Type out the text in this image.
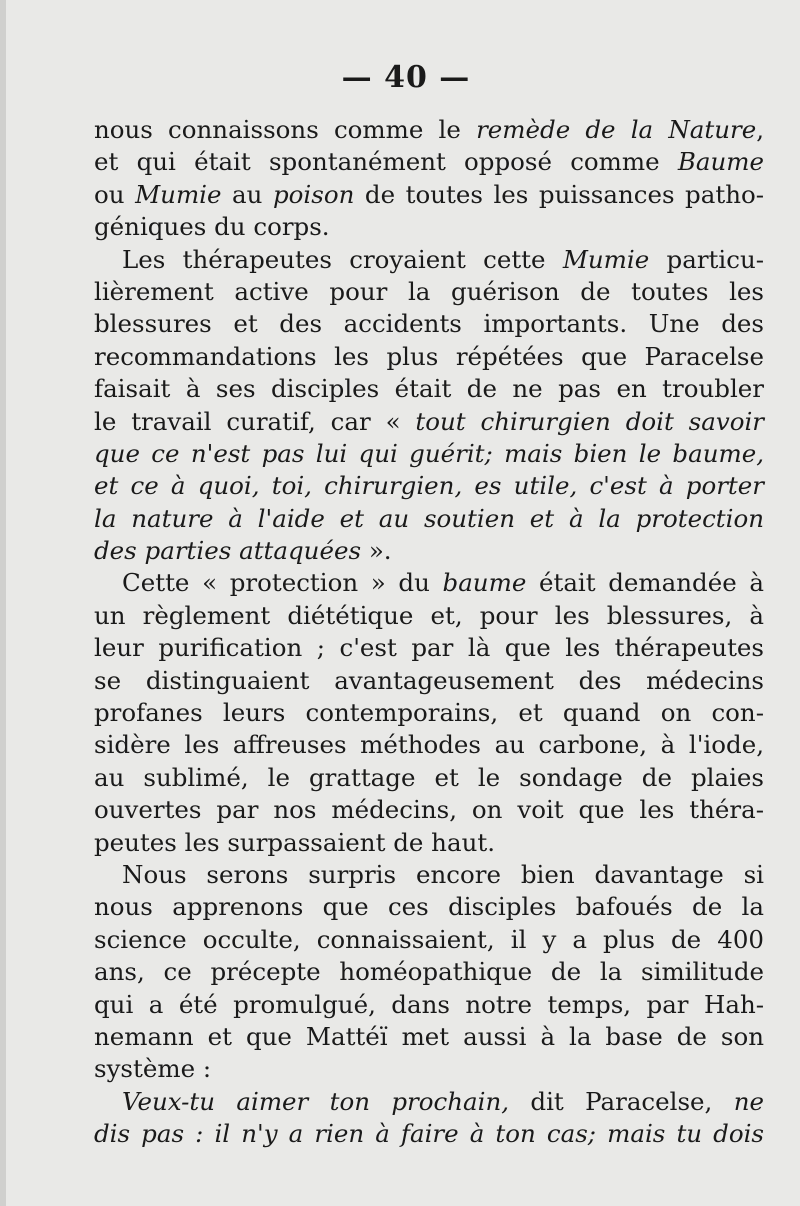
— 40 —
nous connaissons comme le remède de la Nature,
et qui était spontanément opposé comme Baume
ou Mumie au poison de toutes les puissances patho-
géniques du corps.
Les thérapeutes croyaient cette Mumie particu-
lièrement active pour la guérison de toutes les
blessures et des accidents importants. Une des
recommandations les plus répétées que Paracelse
faisait à ses disciples était de ne pas en troubler
le travail curatif, car « tout chirurgien doit savoir
que ce n'est pas lui qui guérit; mais bien le baume,
et ce à quoi, toi, chirurgien, es utile, c'est à porter
la nature à l'aide et au soutien et à la protection
des parties attaquées ».
Cette « protection » du baume était demandée à
un règlement diététique et, pour les blessures, à
leur purification ; c'est par là que les thérapeutes
se distinguaient avantageusement des médecins
profanes leurs contemporains, et quand on con-
sidère les affreuses méthodes au carbone, à l'iode,
au sublimé, le grattage et le sondage de plaies
ouvertes par nos médecins, on voit que les théra-
peutes les surpassaient de haut.
Nous serons surpris encore bien davantage si
nous apprenons que ces disciples bafoués de la
science occulte, connaissaient, il y a plus de 400
ans, ce précepte homéopathique de la similitude
qui a été promulgué, dans notre temps, par Hah-
nemann et que Mattéï met aussi à la base de son
système :
Veux-tu aimer ton prochain, dit Paracelse, ne
dis pas : il n'y a rien à faire à ton cas; mais tu dois
